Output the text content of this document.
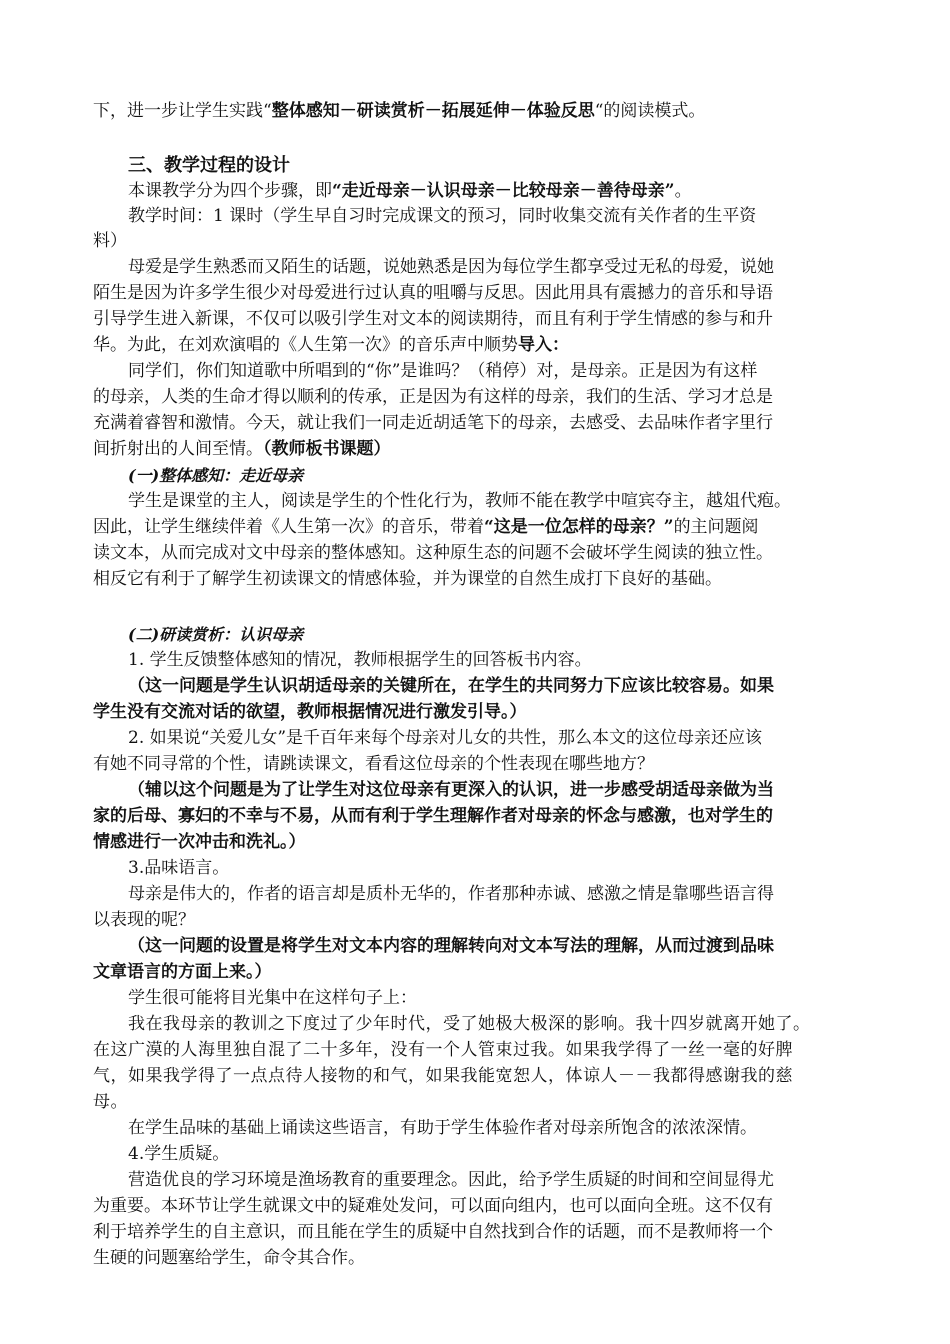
下，进一步让学生实践“整体感知－研读赏析－拓展延伸－体验反思“的阅读模式。
三、教学过程的设计
本课教学分为四个步骤，即“走近母亲－认识母亲－比较母亲－善待母亲”。
教学时间：1 课时（学生早自习时完成课文的预习，同时收集交流有关作者的生平资
料）
母爱是学生熟悉而又陌生的话题，说她熟悉是因为每位学生都享受过无私的母爱，说她
陌生是因为许多学生很少对母爱进行过认真的咀嚼与反思。因此用具有震撼力的音乐和导语
引导学生进入新课，不仅可以吸引学生对文本的阅读期待，而且有利于学生情感的参与和升
华。为此，在刘欢演唱的《人生第一次》的音乐声中顺势导入：
同学们，你们知道歌中所唱到的“你”是谁吗？（稍停）对，是母亲。正是因为有这样
的母亲，人类的生命才得以顺利的传承，正是因为有这样的母亲，我们的生活、学习才总是
充满着睿智和激情。今天，就让我们一同走近胡适笔下的母亲，去感受、去品味作者字里行
间折射出的人间至情。（教师板书课题）
(一)整体感知：走近母亲
学生是课堂的主人，阅读是学生的个性化行为，教师不能在教学中喧宾夺主，越俎代疱。
因此，让学生继续伴着《人生第一次》的音乐，带着“这是一位怎样的母亲？”的主问题阅
读文本，从而完成对文中母亲的整体感知。这种原生态的问题不会破坏学生阅读的独立性。
相反它有利于了解学生初读课文的情感体验，并为课堂的自然生成打下良好的基础。
(二)研读赏析：认识母亲
1. 学生反馈整体感知的情况，教师根据学生的回答板书内容。
（这一问题是学生认识胡适母亲的关键所在，在学生的共同努力下应该比较容易。如果
学生没有交流对话的欲望，教师根据情况进行激发引导。）
2. 如果说“关爱儿女”是千百年来每个母亲对儿女的共性，那么本文的这位母亲还应该
有她不同寻常的个性，请跳读课文，看看这位母亲的个性表现在哪些地方？
（辅以这个问题是为了让学生对这位母亲有更深入的认识，进一步感受胡适母亲做为当
家的后母、寡妇的不幸与不易，从而有利于学生理解作者对母亲的怀念与感激，也对学生的
情感进行一次冲击和洗礼。）
3.品味语言。
母亲是伟大的，作者的语言却是质朴无华的，作者那种赤诚、感激之情是靠哪些语言得
以表现的呢？
（这一问题的设置是将学生对文本内容的理解转向对文本写法的理解，从而过渡到品味
文章语言的方面上来。）
学生很可能将目光集中在这样句子上：
我在我母亲的教训之下度过了少年时代，受了她极大极深的影响。我十四岁就离开她了。
在这广漠的人海里独自混了二十多年，没有一个人管束过我。如果我学得了一丝一毫的好脾
气，如果我学得了一点点待人接物的和气，如果我能宽恕人，体谅人－－我都得感谢我的慈
母。
在学生品味的基础上诵读这些语言，有助于学生体验作者对母亲所饱含的浓浓深情。
4.学生质疑。
营造优良的学习环境是渔场教育的重要理念。因此，给予学生质疑的时间和空间显得尤
为重要。本环节让学生就课文中的疑难处发问，可以面向组内，也可以面向全班。这不仅有
利于培养学生的自主意识，而且能在学生的质疑中自然找到合作的话题，而不是教师将一个
生硬的问题塞给学生，命令其合作。
